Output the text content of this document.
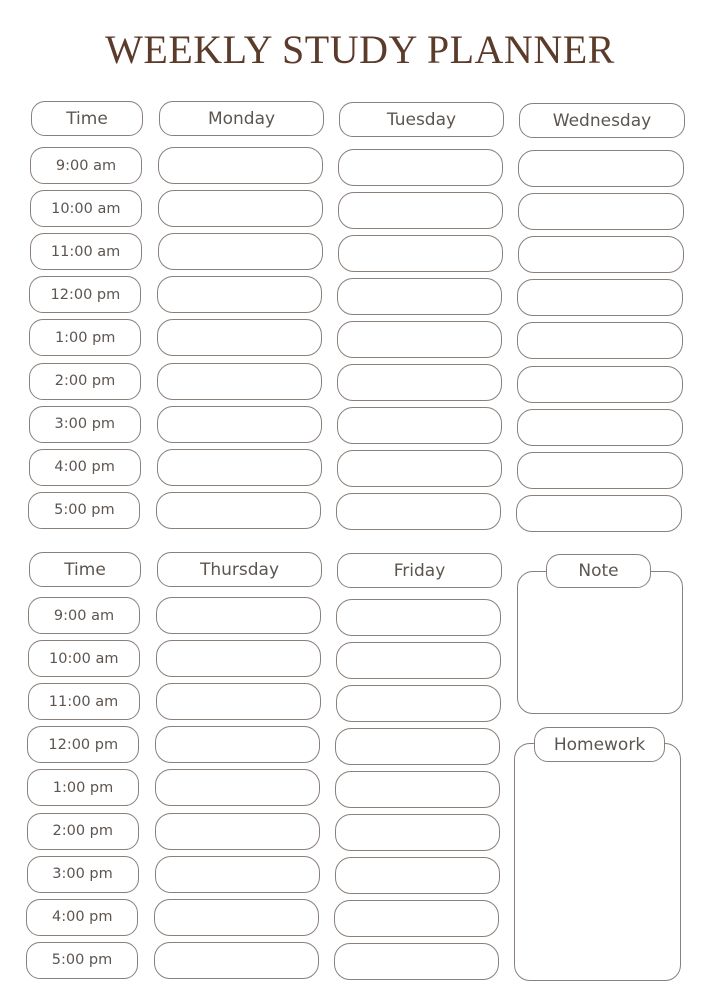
WEEKLY STUDY PLANNER
Time	Monday	Tuesday	Wednesday
9:00 am
10:00 am
11:00 am
12:00 pm
1:00 pm
2:00 pm
3:00 pm
4:00 pm
5:00 pm
Time	Thursday	Friday
9:00 am
10:00 am
11:00 am
12:00 pm
1:00 pm
2:00 pm
3:00 pm
4:00 pm
5:00 pm
Note
Homework
